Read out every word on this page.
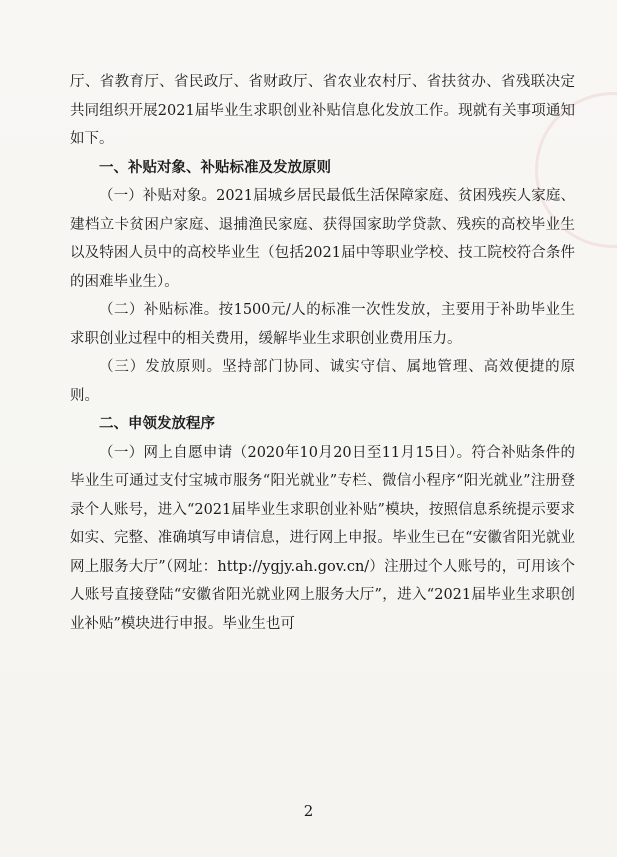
厅、省教育厅、省民政厅、省财政厅、省农业农村厅、省扶贫办、省残联决定共同组织开展2021届毕业生求职创业补贴信息化发放工作。现就有关事项通知如下。

一、补贴对象、补贴标准及发放原则

（一）补贴对象。2021届城乡居民最低生活保障家庭、贫困残疾人家庭、建档立卡贫困户家庭、退捕渔民家庭、获得国家助学贷款、残疾的高校毕业生以及特困人员中的高校毕业生（包括2021届中等职业学校、技工院校符合条件的困难毕业生）。

（二）补贴标准。按1500元/人的标准一次性发放，主要用于补助毕业生求职创业过程中的相关费用，缓解毕业生求职创业费用压力。

（三）发放原则。坚持部门协同、诚实守信、属地管理、高效便捷的原则。

二、申领发放程序

（一）网上自愿申请（2020年10月20日至11月15日）。符合补贴条件的毕业生可通过支付宝城市服务“阳光就业”专栏、微信小程序“阳光就业”注册登录个人账号，进入“2021届毕业生求职创业补贴”模块，按照信息系统提示要求如实、完整、准确填写申请信息，进行网上申报。毕业生已在“安徽省阳光就业网上服务大厅”（网址：http://ygjy.ah.gov.cn/）注册过个人账号的，可用该个人账号直接登陆“安徽省阳光就业网上服务大厅”，进入“2021届毕业生求职创业补贴”模块进行申报。毕业生也可

2
